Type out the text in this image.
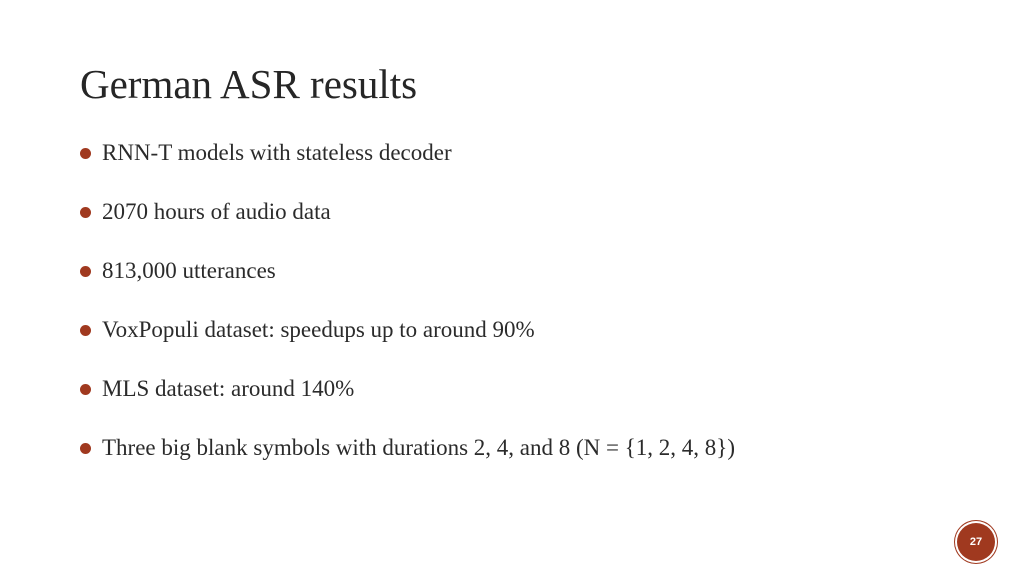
German ASR results
RNN-T models with stateless decoder
2070 hours of audio data
813,000 utterances
VoxPopuli dataset: speedups up to around 90%
MLS dataset: around 140%
Three big blank symbols with durations 2, 4, and 8 (N = {1, 2, 4, 8})
27
